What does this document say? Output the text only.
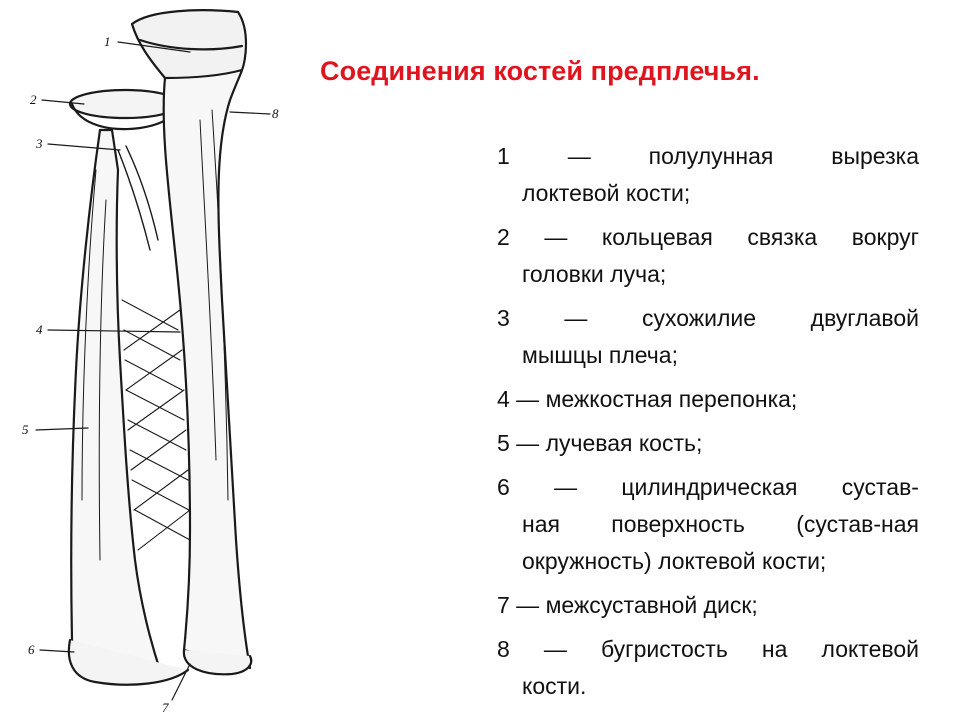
1
2
3
4
5
6
7
8
Соединения костей предплечья.
1	—	полулунная	вырезка
локтевой кости;
2 — кольцевая связка вокруг
головки луча;
3 — сухожилие двуглавой
мышцы плеча;
4 — межкостная перепонка;
5 — лучевая кость;
6 — цилиндрическая сустав-
ная поверхность (сустав-ная
окружность) локтевой кости;
7 — межсуставной диск;
8 — бугристость на локтевой
кости.
